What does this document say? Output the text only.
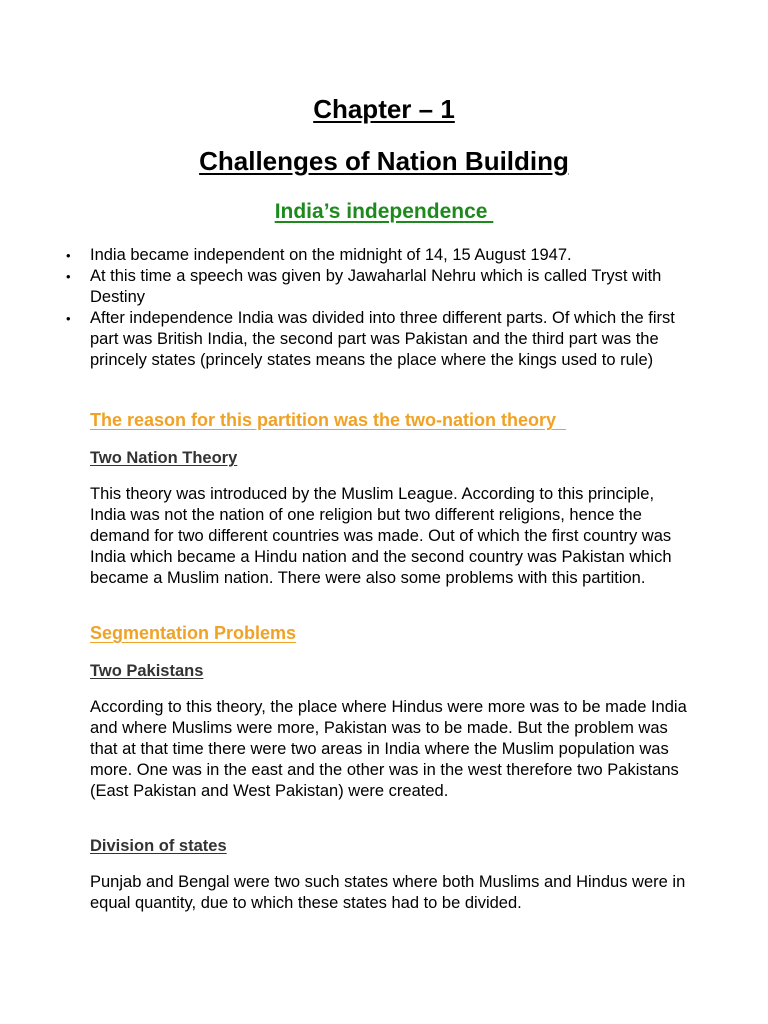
Chapter – 1
Challenges of Nation Building
India’s independence
• India became independent on the midnight of 14, 15 August 1947.
• At this time a speech was given by Jawaharlal Nehru which is called Tryst with Destiny
• After independence India was divided into three different parts. Of which the first part was British India, the second part was Pakistan and the third part was the princely states (princely states means the place where the kings used to rule)
The reason for this partition was the two-nation theory
Two Nation Theory

This theory was introduced by the Muslim League. According to this principle, India was not the nation of one religion but two different religions, hence the demand for two different countries was made. Out of which the first country was India which became a Hindu nation and the second country was Pakistan which became a Muslim nation. There were also some problems with this partition.

Segmentation Problems
Two Pakistans

According to this theory, the place where Hindus were more was to be made India and where Muslims were more, Pakistan was to be made. But the problem was that at that time there were two areas in India where the Muslim population was more. One was in the east and the other was in the west therefore two Pakistans (East Pakistan and West Pakistan) were created.

Division of states

Punjab and Bengal were two such states where both Muslims and Hindus were in equal quantity, due to which these states had to be divided.
